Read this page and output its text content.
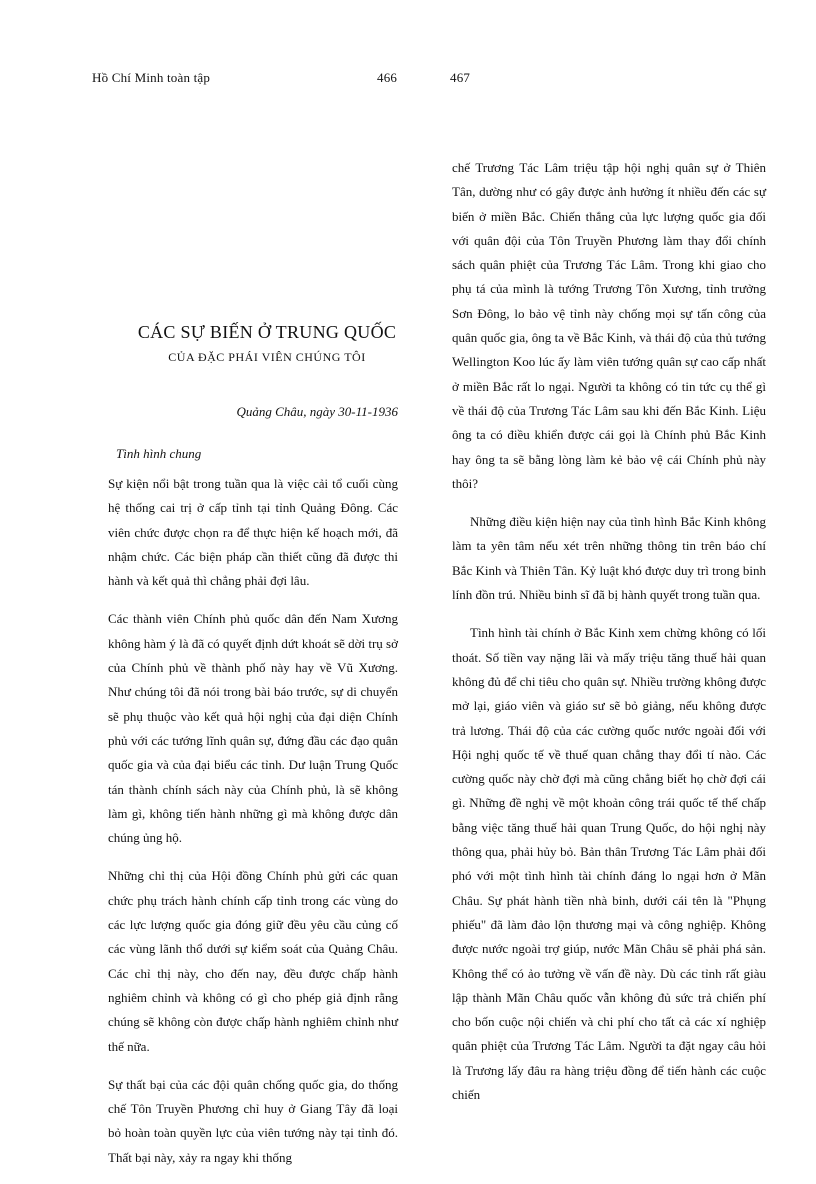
Hồ Chí Minh toàn tập	466	467
CÁC SỰ BIẾN Ở TRUNG QUỐC
CỦA ĐẶC PHÁI VIÊN CHÚNG TÔI
Quảng Châu, ngày 30-11-1936
Tình hình chung

Sự kiện nổi bật trong tuần qua là việc cải tổ cuối cùng hệ thống cai trị ở cấp tỉnh tại tỉnh Quảng Đông. Các viên chức được chọn ra để thực hiện kế hoạch mới, đã nhậm chức. Các biện pháp cần thiết cũng đã được thi hành và kết quả thì chẳng phải đợi lâu.

Các thành viên Chính phủ quốc dân đến Nam Xương không hàm ý là đã có quyết định dứt khoát sẽ dời trụ sở của Chính phủ về thành phố này hay về Vũ Xương. Như chúng tôi đã nói trong bài báo trước, sự di chuyển sẽ phụ thuộc vào kết quả hội nghị của đại diện Chính phủ với các tướng lĩnh quân sự, đứng đầu các đạo quân quốc gia và của đại biểu các tỉnh. Dư luận Trung Quốc tán thành chính sách này của Chính phủ, là sẽ không làm gì, không tiến hành những gì mà không được dân chúng ủng hộ.

Những chỉ thị của Hội đồng Chính phủ gửi các quan chức phụ trách hành chính cấp tỉnh trong các vùng do các lực lượng quốc gia đóng giữ đều yêu cầu củng cố các vùng lãnh thổ dưới sự kiểm soát của Quảng Châu. Các chỉ thị này, cho đến nay, đều được chấp hành nghiêm chỉnh và không có gì cho phép giả định rằng chúng sẽ không còn được chấp hành nghiêm chỉnh như thế nữa.

Sự thất bại của các đội quân chống quốc gia, do thống chế Tôn Truyền Phương chỉ huy ở Giang Tây đã loại bỏ hoàn toàn quyền lực của viên tướng này tại tỉnh đó. Thất bại này, xảy ra ngay khi thống

chế Trương Tác Lâm triệu tập hội nghị quân sự ở Thiên Tân, dường như có gây được ảnh hưởng ít nhiều đến các sự biến ở miền Bắc. Chiến thắng của lực lượng quốc gia đối với quân đội của Tôn Truyền Phương làm thay đổi chính sách quân phiệt của Trương Tác Lâm. Trong khi giao cho phụ tá của mình là tướng Trương Tôn Xương, tỉnh trưởng Sơn Đông, lo bảo vệ tỉnh này chống mọi sự tấn công của quân quốc gia, ông ta về Bắc Kinh, và thái độ của thủ tướng Wellington Koo lúc ấy làm viên tướng quân sự cao cấp nhất ở miền Bắc rất lo ngại. Người ta không có tin tức cụ thể gì về thái độ của Trương Tác Lâm sau khi đến Bắc Kinh. Liệu ông ta có điều khiển được cái gọi là Chính phủ Bắc Kinh hay ông ta sẽ bằng lòng làm kẻ bảo vệ cái Chính phủ này thôi?

Những điều kiện hiện nay của tình hình Bắc Kinh không làm ta yên tâm nếu xét trên những thông tin trên báo chí Bắc Kinh và Thiên Tân. Kỷ luật khó được duy trì trong binh lính đồn trú. Nhiều binh sĩ đã bị hành quyết trong tuần qua.

Tình hình tài chính ở Bắc Kinh xem chừng không có lối thoát. Số tiền vay nặng lãi và mấy triệu tăng thuế hải quan không đủ để chi tiêu cho quân sự. Nhiều trường không được mở lại, giáo viên và giáo sư sẽ bỏ giảng, nếu không được trả lương. Thái độ của các cường quốc nước ngoài đối với Hội nghị quốc tế về thuế quan chẳng thay đổi tí nào. Các cường quốc này chờ đợi mà cũng chẳng biết họ chờ đợi cái gì. Những đề nghị về một khoản công trái quốc tế thế chấp bằng việc tăng thuế hải quan Trung Quốc, do hội nghị này thông qua, phải hủy bỏ. Bản thân Trương Tác Lâm phải đối phó với một tình hình tài chính đáng lo ngại hơn ở Mãn Châu. Sự phát hành tiền nhà binh, dưới cái tên là "Phụng phiếu" đã làm đảo lộn thương mại và công nghiệp. Không được nước ngoài trợ giúp, nước Mãn Châu sẽ phải phá sản. Không thể có ảo tưởng về vấn đề này. Dù các tỉnh rất giàu lập thành Mãn Châu quốc vẫn không đủ sức trả chiến phí cho bốn cuộc nội chiến và chi phí cho tất cả các xí nghiệp quân phiệt của Trương Tác Lâm. Người ta đặt ngay câu hỏi là Trương lấy đâu ra hàng triệu đồng để tiến hành các cuộc chiến
